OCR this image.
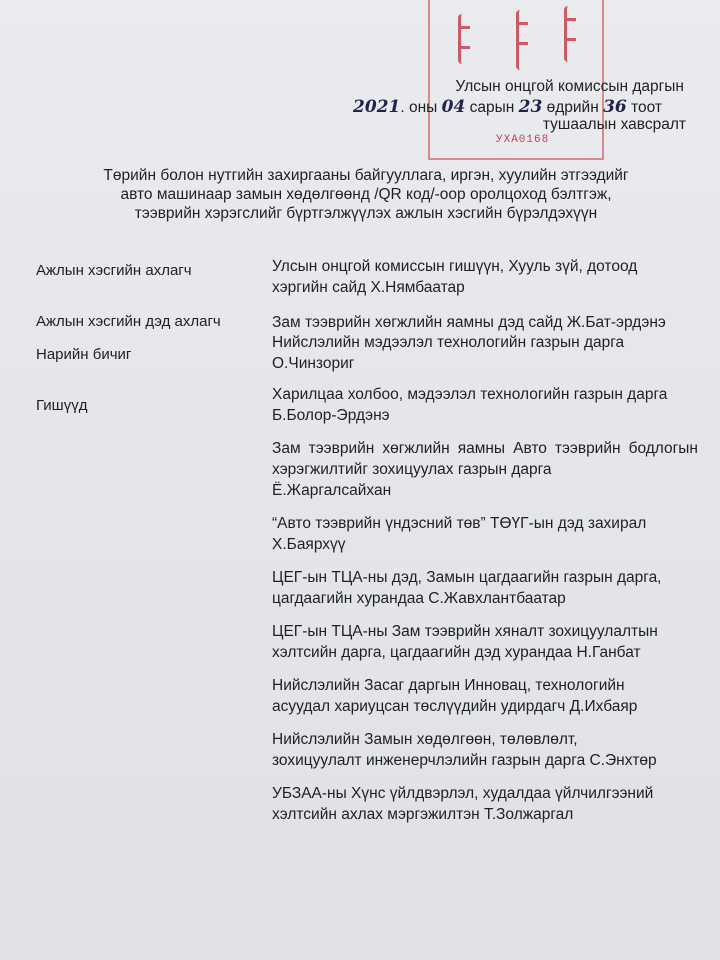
УХА0168
Улсын онцгой комиссын даргын
2021. оны 04 сарын 23 өдрийн 36 тоот
тушаалын хавсралт
Төрийн болон нутгийн захиргааны байгууллага, иргэн, хуулийн этгээдийг
авто машинаар замын хөдөлгөөнд /QR код/-оор оролцоход бэлтгэж,
тээврийн хэрэгслийг бүртгэлжүүлэх ажлын хэсгийн бүрэлдэхүүн
Ажлын хэсгийн ахлагч	Улсын онцгой комиссын гишүүн, Хууль зүй, дотоод
хэргийн сайд Х.Нямбаатар
Ажлын хэсгийн дэд ахлагч	Зам тээврийн хөгжлийн яамны дэд сайд Ж.Бат-эрдэнэ
Нарийн бичиг
Нийслэлийн мэдээлэл технологийн газрын дарга
О.Чинзориг
Гишүүд
Харилцаа холбоо, мэдээлэл технологийн газрын дарга
Б.Болор-Эрдэнэ
Зам тээврийн хөгжлийн яамны Авто тээврийн бодлогын хэрэгжилтийг зохицуулах газрын дарга
Ё.Жаргалсайхан
“Авто тээврийн үндэсний төв” ТӨҮГ-ын дэд захирал
Х.Баярхүү
ЦЕГ-ын ТЦА-ны дэд, Замын цагдаагийн газрын дарга,
цагдаагийн хурандаа С.Жавхлантбаатар
ЦЕГ-ын ТЦА-ны Зам тээврийн хяналт зохицуулалтын
хэлтсийн дарга, цагдаагийн дэд хурандаа Н.Ганбат
Нийслэлийн Засаг даргын Инновац, технологийн
асуудал хариуцсан төслүүдийн удирдагч Д.Ихбаяр
Нийслэлийн Замын хөдөлгөөн, төлөвлөлт,
зохицуулалт инженерчлэлийн газрын дарга С.Энхтөр
УБЗАА-ны Хүнс үйлдвэрлэл, худалдаа үйлчилгээний
хэлтсийн ахлах мэргэжилтэн Т.Золжаргал
